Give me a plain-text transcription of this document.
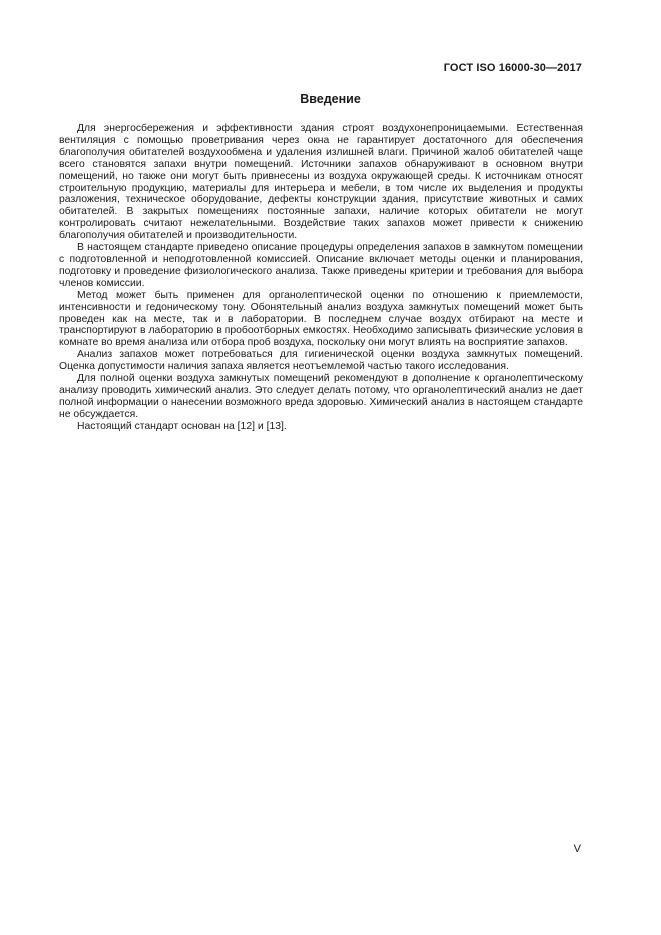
ГОСТ ISO 16000-30—2017
Введение

Для энергосбережения и эффективности здания строят воздухонепроницаемыми. Естественная вентиляция с помощью проветривания через окна не гарантирует достаточного для обеспечения благополучия обитателей воздухообмена и удаления излишней влаги. Причиной жалоб обитателей чаще всего становятся запахи внутри помещений. Источники запахов обнаруживают в основном внутри помещений, но также они могут быть привнесены из воздуха окружающей среды. К источникам относят строительную продукцию, материалы для интерьера и мебели, в том числе их выделения и продукты разложения, техническое оборудование, дефекты конструкции здания, присутствие животных и самих обитателей. В закрытых помещениях постоянные запахи, наличие которых обитатели не могут контролировать считают нежелательными. Воздействие таких запахов может привести к снижению благополучия обитателей и производительности.

В настоящем стандарте приведено описание процедуры определения запахов в замкнутом помещении с подготовленной и неподготовленной комиссией. Описание включает методы оценки и планирования, подготовку и проведение физиологического анализа. Также приведены критерии и требования для выбора членов комиссии.

Метод может быть применен для органолептической оценки по отношению к приемлемости, интенсивности и гедоническому тону. Обонятельный анализ воздуха замкнутых помещений может быть проведен как на месте, так и в лаборатории. В последнем случае воздух отбирают на месте и транспортируют в лабораторию в пробоотборных емкостях. Необходимо записывать физические условия в комнате во время анализа или отбора проб воздуха, поскольку они могут влиять на восприятие запахов.

Анализ запахов может потребоваться для гигиенической оценки воздуха замкнутых помещений. Оценка допустимости наличия запаха является неотъемлемой частью такого исследования.

Для полной оценки воздуха замкнутых помещений рекомендуют в дополнение к органолептическому анализу проводить химический анализ. Это следует делать потому, что органолептический анализ не дает полной информации о нанесении возможного вреда здоровью. Химический анализ в настоящем стандарте не обсуждается.

Настоящий стандарт основан на [12] и [13].

V
